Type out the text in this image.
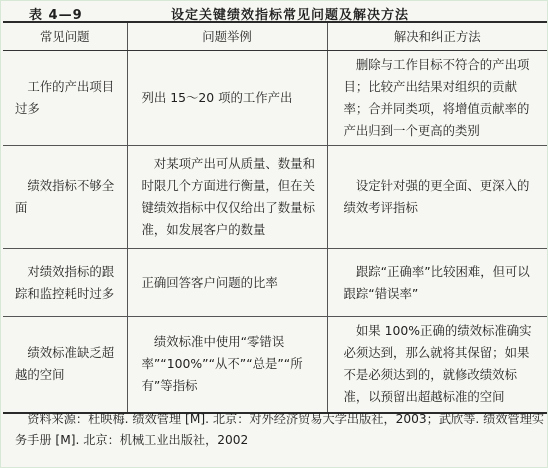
表 4—9	设定关键绩效指标常见问题及解决方法
常见问题	问题举例	解决和纠正方法

工作的产出项目过多	列出 15～20 项的工作产出	删除与工作目标不符合的产出项目；比较产出结果对组织的贡献率；合并同类项，将增值贡献率的产出归到一个更高的类别

绩效指标不够全面	对某项产出可从质量、数量和时限几个方面进行衡量，但在关键绩效指标中仅仅给出了数量标准，如发展客户的数量	设定针对强的更全面、更深入的绩效考评指标

对绩效指标的跟踪和监控耗时过多	正确回答客户问题的比率	跟踪“正确率”比较困难，但可以跟踪“错误率”

绩效标准缺乏超越的空间	绩效标准中使用“零错误率”“100%”“从不”“总是”“所有”等指标	如果 100%正确的绩效标准确实必须达到，那么就将其保留；如果不是必须达到的，就修改绩效标准，以预留出超越标准的空间
资料来源：杜映梅. 绩效管理 [M]. 北京：对外经济贸易大学出版社，2003；武欣等. 绩效管理实务手册 [M]. 北京：机械工业出版社，2002
